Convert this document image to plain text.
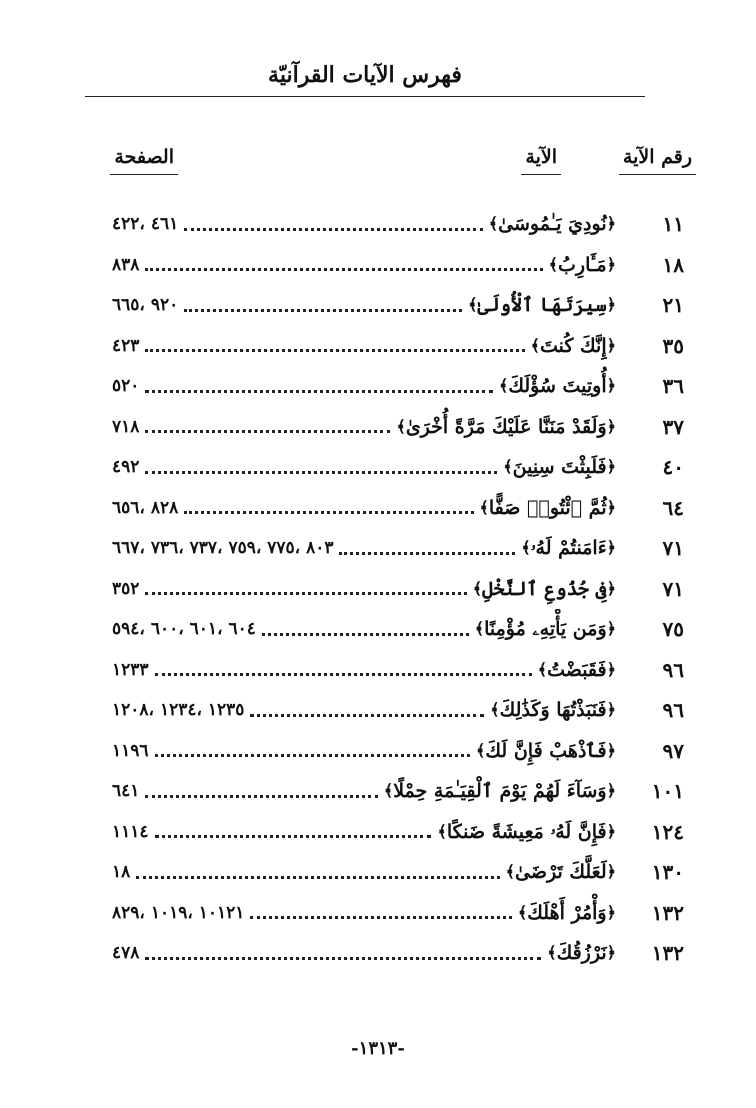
فهرس الآيات القرآنيّة
رقم الآية
الآية
الصفحة
١١
﴿
نُودِيَ يَـٰمُوسَىٰ
﴾
٤٦١ ،٤٢٢
١٨
﴿
مَـَٔارِبُ
﴾
٨٣٨
٢١
﴿
سِيرَتَهَا ٱلْأُولَىٰ
﴾
٩٢٠ ،٦٦٥
٣٥
﴿
إِنَّكَ كُنتَ
﴾
٤٢٣
٣٦
﴿
أُوتِيتَ سُؤْلَكَ
﴾
٥٢٠
٣٧
﴿
وَلَقَدْ مَنَنَّا عَلَيْكَ مَرَّةً أُخْرَىٰ
﴾
٧١٨
٤٠
﴿
فَلَبِثْتَ سِنِينَ
﴾
٤٩٢
٦٤
﴿
ثُمَّ ٱئْتُوا۟ صَفًّا
﴾
٨٢٨ ،٦٥٦
٧١
﴿
ءَامَنتُمْ لَهُۥ
﴾
٨٠٣ ،٧٧٥ ،٧٥٩ ،٧٣٧ ،٧٣٦ ،٦٦٧
٧١
﴿
فِى جُذُوعِ ٱلنَّخْلِ
﴾
٣٥٢
٧٥
﴿
وَمَن يَأْتِهِۦ مُؤْمِنًا
﴾
٦٠٤ ،٦٠١ ،٦٠٠ ،٥٩٤
٩٦
﴿
فَقَبَضْتُ
﴾
١٢٣٣
٩٦
﴿
فَنَبَذْتُهَا وَكَذَٰلِكَ
﴾
١٢٣٥ ،١٢٣٤ ،١٢٠٨
٩٧
﴿
فَٱذْهَبْ فَإِنَّ لَكَ
﴾
١١٩٦
١٠١
﴿
وَسَآءَ لَهُمْ يَوْمَ ٱلْقِيَـٰمَةِ حِمْلًا
﴾
٦٤١
١٢٤
﴿
فَإِنَّ لَهُۥ مَعِيشَةً ضَنكًا
﴾
١١١٤
١٣٠
﴿
لَعَلَّكَ تَرْضَىٰ
﴾
١٨
١٣٢
﴿
وَأْمُرْ أَهْلَكَ
﴾
١٠١٢١ ،١٠١٩ ،٨٢٩
١٣٢
﴿
نَرْزُقُكَ
﴾
٤٧٨
-١٣١٣-
